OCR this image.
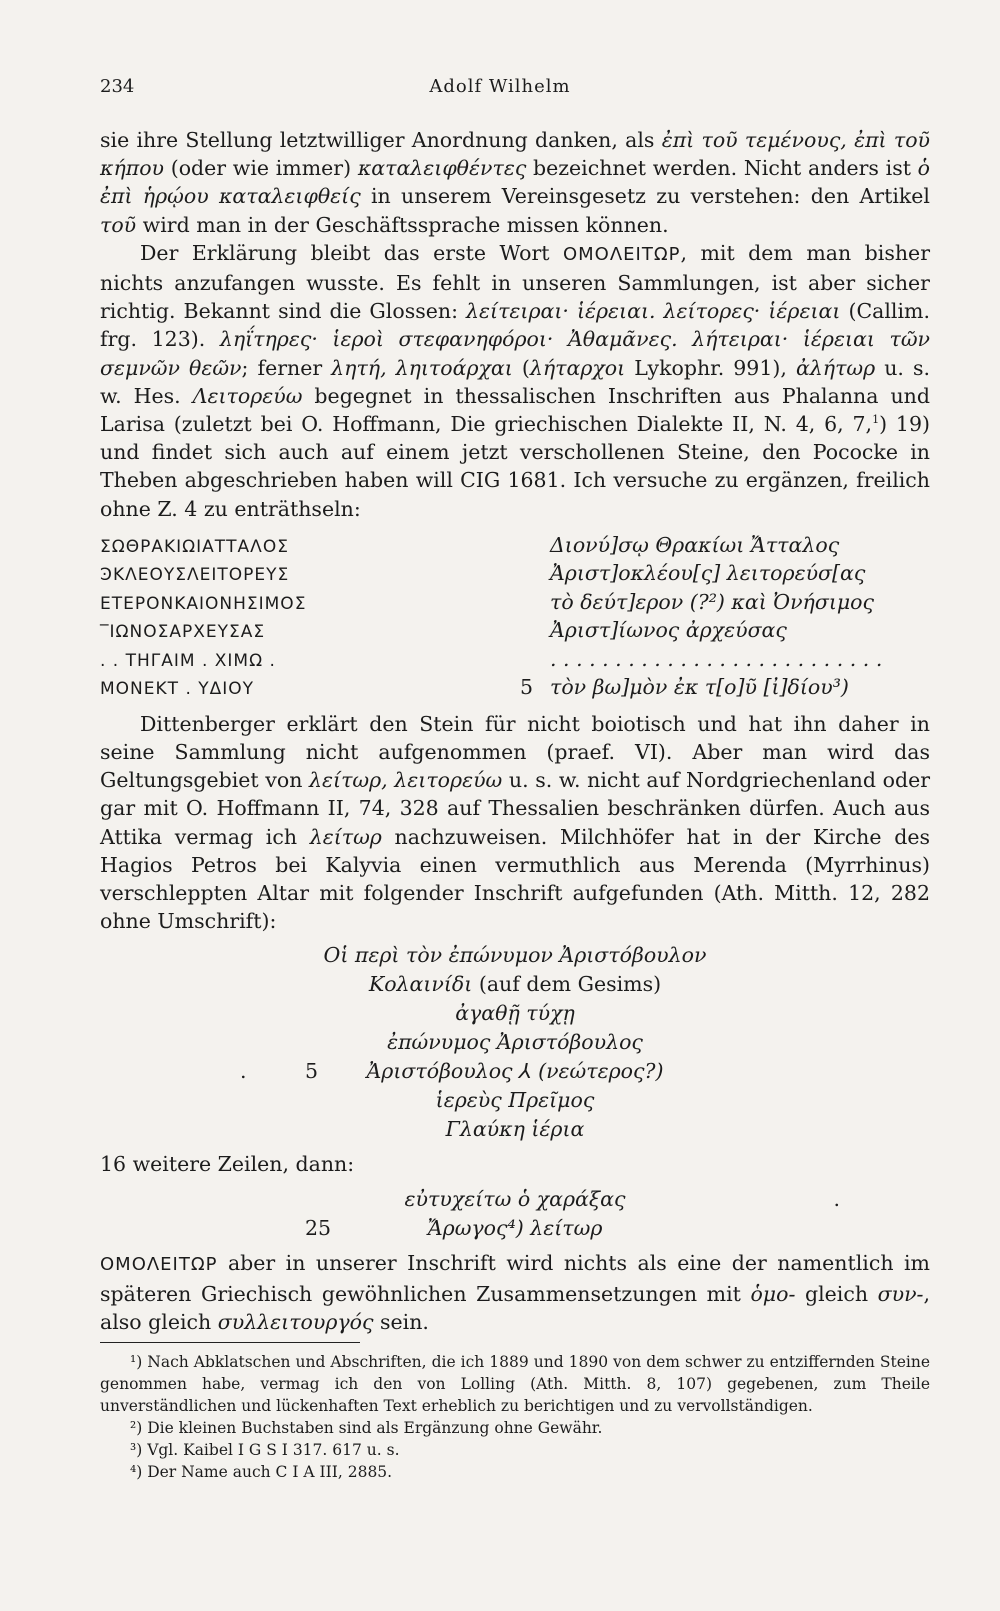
234	Adolf Wilhelm

sie ihre Stellung letztwilliger Anordnung danken, als ἐπὶ τοῦ τεμένους, ἐπὶ τοῦ κήπου (oder wie immer) καταλειφθέντες bezeichnet werden. Nicht anders ist ὁ ἐπὶ ἡρῴου καταλειφθείς in unserem Vereinsgesetz zu verstehen: den Artikel τοῦ wird man in der Geschäftssprache missen können.

Der Erklärung bleibt das erste Wort ΟΜΟΛΕΙΤΩΡ, mit dem man bisher nichts anzufangen wusste. Es fehlt in unseren Sammlungen, ist aber sicher richtig. Bekannt sind die Glossen: λείτειραι· ἱέρειαι. λείτορες· ἱέρειαι (Callim. frg. 123). ληΐτηρες· ἱεροὶ στεφανηφόροι· Ἀθαμᾶνες. λήτειραι· ἱέρειαι τῶν σεμνῶν θεῶν; ferner λητή, ληιτοάρχαι (λήταρχοι Lykophr. 991), ἀλήτωρ u. s. w. Hes. Λειτορεύω begegnet in thessalischen Inschriften aus Phalanna und Larisa (zuletzt bei O. Hoffmann, Die griechischen Dialekte II, N. 4, 6, 7,$^1$) 19) und findet sich auch auf einem jetzt verschollenen Steine, den Pococke in Theben abgeschrieben haben will CIG 1681. Ich versuche zu ergänzen, freilich ohne Z. 4 zu enträthseln:

ΣΩΘΡΑΚΙΩΙΑΤΤΑΛΟΣ	Διονύ]σῳ Θρακίωι Ἄτταλος
ϿΚΛΕΟΥΣΛΕΙΤΟΡΕΥΣ	Ἀριστ]οκλέου[ς] λειτορεύσ[ας
ΕΤΕΡΟΝΚΑΙΟΝΗΣΙΜΟΣ	τὸ δεύτ]ερον (?²) καὶ Ὀνήσιμος
‾ΙΩΝΟΣΑΡΧΕΥΣΑΣ	Ἀριστ]ίωνος ἀρχεύσας
. . ΤΗΓΑΙΜ . ΧΙΜΩ .	. . . . . . . . . . . . . . . . . . . . . . . . . .
ΜΟΝΕΚΤ . ΥΔΙΟΥ	5 τὸν βω]μὸν ἐκ τ[ο]ῦ [ἰ]δίου³)

Dittenberger erklärt den Stein für nicht boiotisch und hat ihn daher in seine Sammlung nicht aufgenommen (praef. VI). Aber man wird das Geltungsgebiet von λείτωρ, λειτορεύω u. s. w. nicht auf Nordgriechenland oder gar mit O. Hoffmann II, 74, 328 auf Thessalien beschränken dürfen. Auch aus Attika vermag ich λείτωρ nachzuweisen. Milchhöfer hat in der Kirche des Hagios Petros bei Kalyvia einen vermuthlich aus Merenda (Myrrhinus) verschleppten Altar mit folgender Inschrift aufgefunden (Ath. Mitth. 12, 282 ohne Umschrift):

Οἱ περὶ τὸν ἐπώνυμον Ἀριστόβουλον
Κολαινίδι (auf dem Gesims)
ἀγαθῇ τύχῃ
ἐπώνυμος Ἀριστόβουλος
.	5 Ἀριστόβουλος ⅄ (νεώτερος?)
ἱερεὺς Πρεῖμος
Γλαύκη ἱέρια
16 weitere Zeilen, dann:
.
εὐτυχείτω ὁ χαράξας
25	Ἄρωγος⁴) λείτωρ

ΟΜΟΛΕΙΤΩΡ aber in unserer Inschrift wird nichts als eine der namentlich im späteren Griechisch gewöhnlichen Zusammensetzungen mit ὁμο- gleich συν-, also gleich συλλειτουργός sein.

¹) Nach Abklatschen und Abschriften, die ich 1889 und 1890 von dem schwer zu entziffernden Steine genommen habe, vermag ich den von Lolling (Ath. Mitth. 8, 107) gegebenen, zum Theile unverständlichen und lückenhaften Text erheblich zu berichtigen und zu vervollständigen.

²) Die kleinen Buchstaben sind als Ergänzung ohne Gewähr.

³) Vgl. Kaibel I G S I 317. 617 u. s.

⁴) Der Name auch C I A III, 2885.
